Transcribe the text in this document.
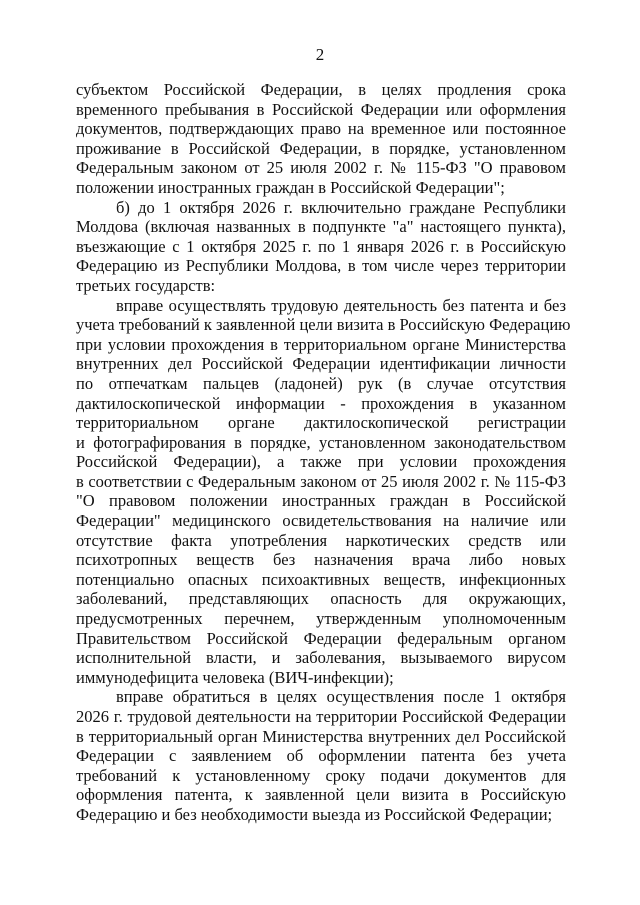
2
субъектом Российской Федерации, в целях продления срока
временного пребывания в Российской Федерации или оформления
документов, подтверждающих право на временное или постоянное
проживание в Российской Федерации, в порядке, установленном
Федеральным законом от 25 июля 2002 г. № 115-ФЗ "О правовом
положении иностранных граждан в Российской Федерации";
б) до 1 октября 2026 г. включительно граждане Республики
Молдова (включая названных в подпункте "а" настоящего пункта),
въезжающие с 1 октября 2025 г. по 1 января 2026 г. в Российскую
Федерацию из Республики Молдова, в том числе через территории
третьих государств:
вправе осуществлять трудовую деятельность без патента и без
учета требований к заявленной цели визита в Российскую Федерацию
при условии прохождения в территориальном органе Министерства
внутренних дел Российской Федерации идентификации личности
по отпечаткам пальцев (ладоней) рук (в случае отсутствия
дактилоскопической информации - прохождения в указанном
территориальном органе дактилоскопической регистрации
и фотографирования в порядке, установленном законодательством
Российской Федерации), а также при условии прохождения
в соответствии с Федеральным законом от 25 июля 2002 г. № 115-ФЗ
"О правовом положении иностранных граждан в Российской
Федерации" медицинского освидетельствования на наличие или
отсутствие факта употребления наркотических средств или
психотропных веществ без назначения врача либо новых
потенциально опасных психоактивных веществ, инфекционных
заболеваний, представляющих опасность для окружающих,
предусмотренных перечнем, утвержденным уполномоченным
Правительством Российской Федерации федеральным органом
исполнительной власти, и заболевания, вызываемого вирусом
иммунодефицита человека (ВИЧ-инфекции);
вправе обратиться в целях осуществления после 1 октября
2026 г. трудовой деятельности на территории Российской Федерации
в территориальный орган Министерства внутренних дел Российской
Федерации с заявлением об оформлении патента без учета
требований к установленному сроку подачи документов для
оформления патента, к заявленной цели визита в Российскую
Федерацию и без необходимости выезда из Российской Федерации;
